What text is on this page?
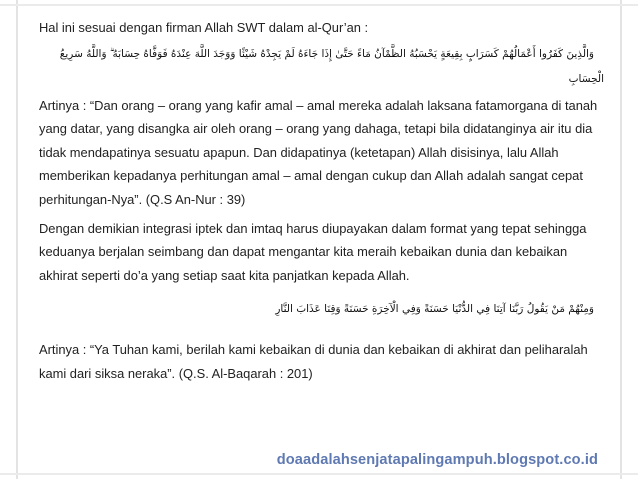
Hal ini sesuai dengan firman Allah SWT dalam al-Qur’an :

وَالَّذِينَ كَفَرُوا أَعْمَالُهُمْ كَسَرَابٍ بِقِيعَةٍ يَحْسَبُهُ الظَّمْآنُ مَاءً حَتَّىٰ إِذَا جَاءَهُ لَمْ يَجِدْهُ شَيْئًا وَوَجَدَ اللَّهَ عِنْدَهُ فَوَفَّاهُ حِسَابَهُ ۗ وَاللَّهُ سَرِيعُ

الْحِسَابِ

Artinya : “Dan orang – orang yang kafir amal – amal mereka adalah laksana fatamorgana di tanah yang datar, yang disangka air oleh orang – orang yang dahaga, tetapi bila didatanginya air itu dia tidak mendapatinya sesuatu apapun. Dan didapatinya (ketetapan) Allah disisinya, lalu Allah memberikan kepadanya perhitungan amal – amal dengan cukup dan Allah adalah sangat cepat perhitungan-Nya”. (Q.S An-Nur : 39)

Dengan demikian integrasi iptek dan imtaq harus diupayakan dalam format yang tepat sehingga keduanya berjalan seimbang dan dapat mengantar kita meraih kebaikan dunia dan kebaikan akhirat seperti do’a yang setiap saat kita panjatkan kepada Allah.

وَمِنْهُمْ مَنْ يَقُولُ رَبَّنَا آتِنَا فِي الدُّنْيَا حَسَنَةً وَفِي الْآخِرَةِ حَسَنَةً وَقِنَا عَذَابَ النَّارِ

Artinya : “Ya Tuhan kami, berilah kami kebaikan di dunia dan kebaikan di akhirat dan peliharalah kami dari siksa neraka”. (Q.S. Al-Baqarah : 201)

doaadalahsenjatapalingampuh.blogspot.co.id
